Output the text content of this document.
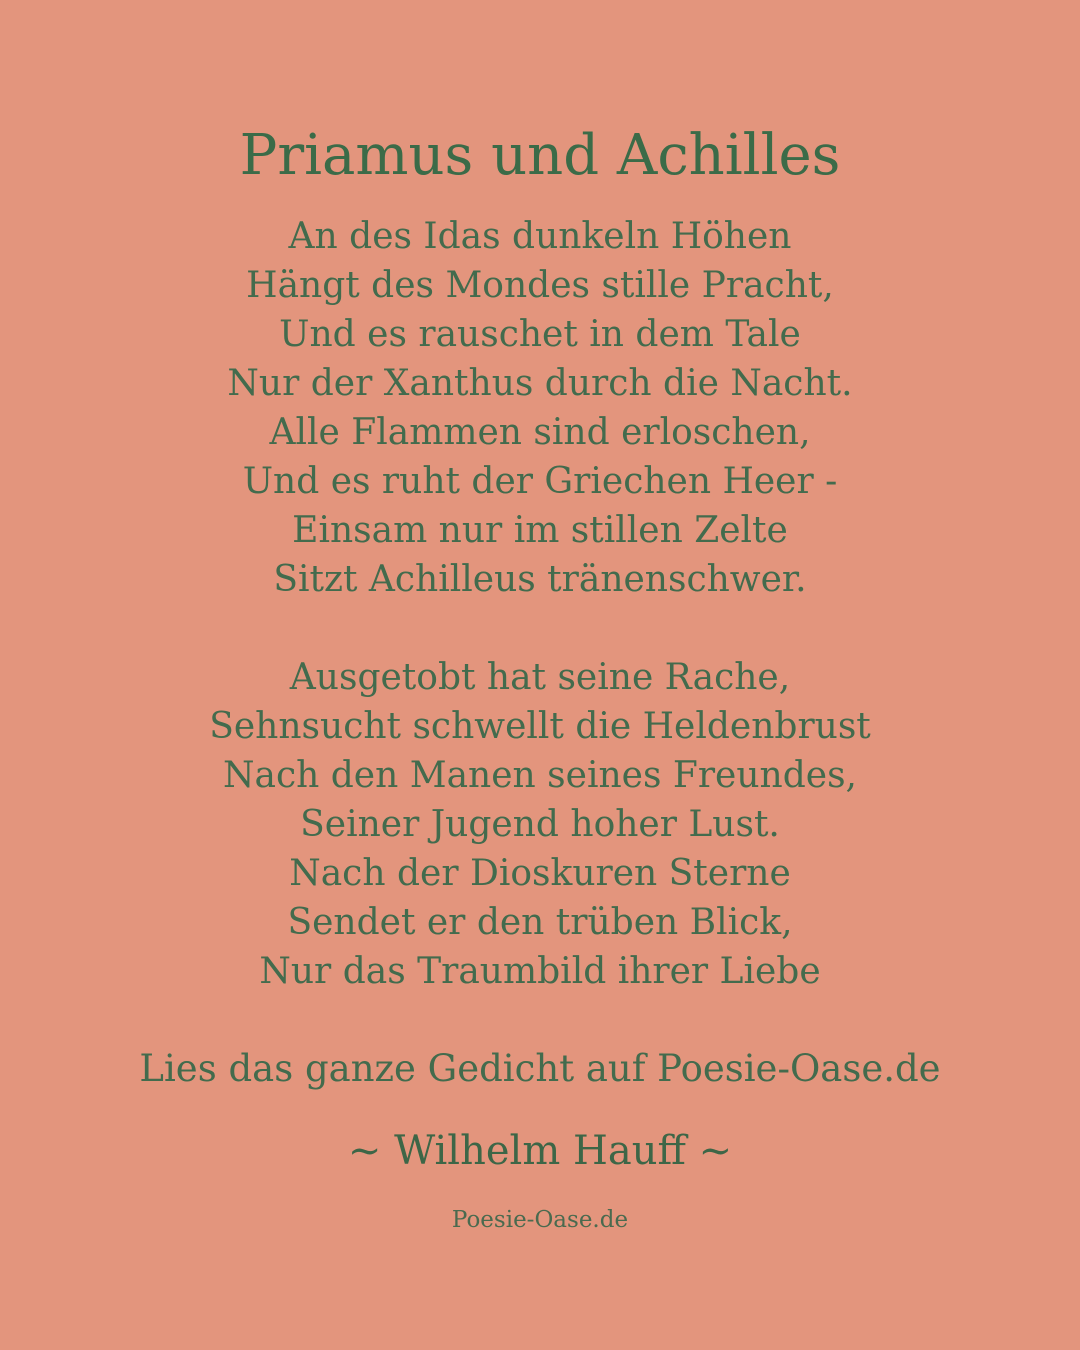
Priamus und Achilles
An des Idas dunkeln Höhen
Hängt des Mondes stille Pracht,
Und es rauschet in dem Tale
Nur der Xanthus durch die Nacht.
Alle Flammen sind erloschen,
Und es ruht der Griechen Heer -
Einsam nur im stillen Zelte
Sitzt Achilleus tränenschwer.
Ausgetobt hat seine Rache,
Sehnsucht schwellt die Heldenbrust
Nach den Manen seines Freundes,
Seiner Jugend hoher Lust.
Nach der Dioskuren Sterne
Sendet er den trüben Blick,
Nur das Traumbild ihrer Liebe
Lies das ganze Gedicht auf Poesie-Oase.de
~ Wilhelm Hauff ~
Poesie-Oase.de
